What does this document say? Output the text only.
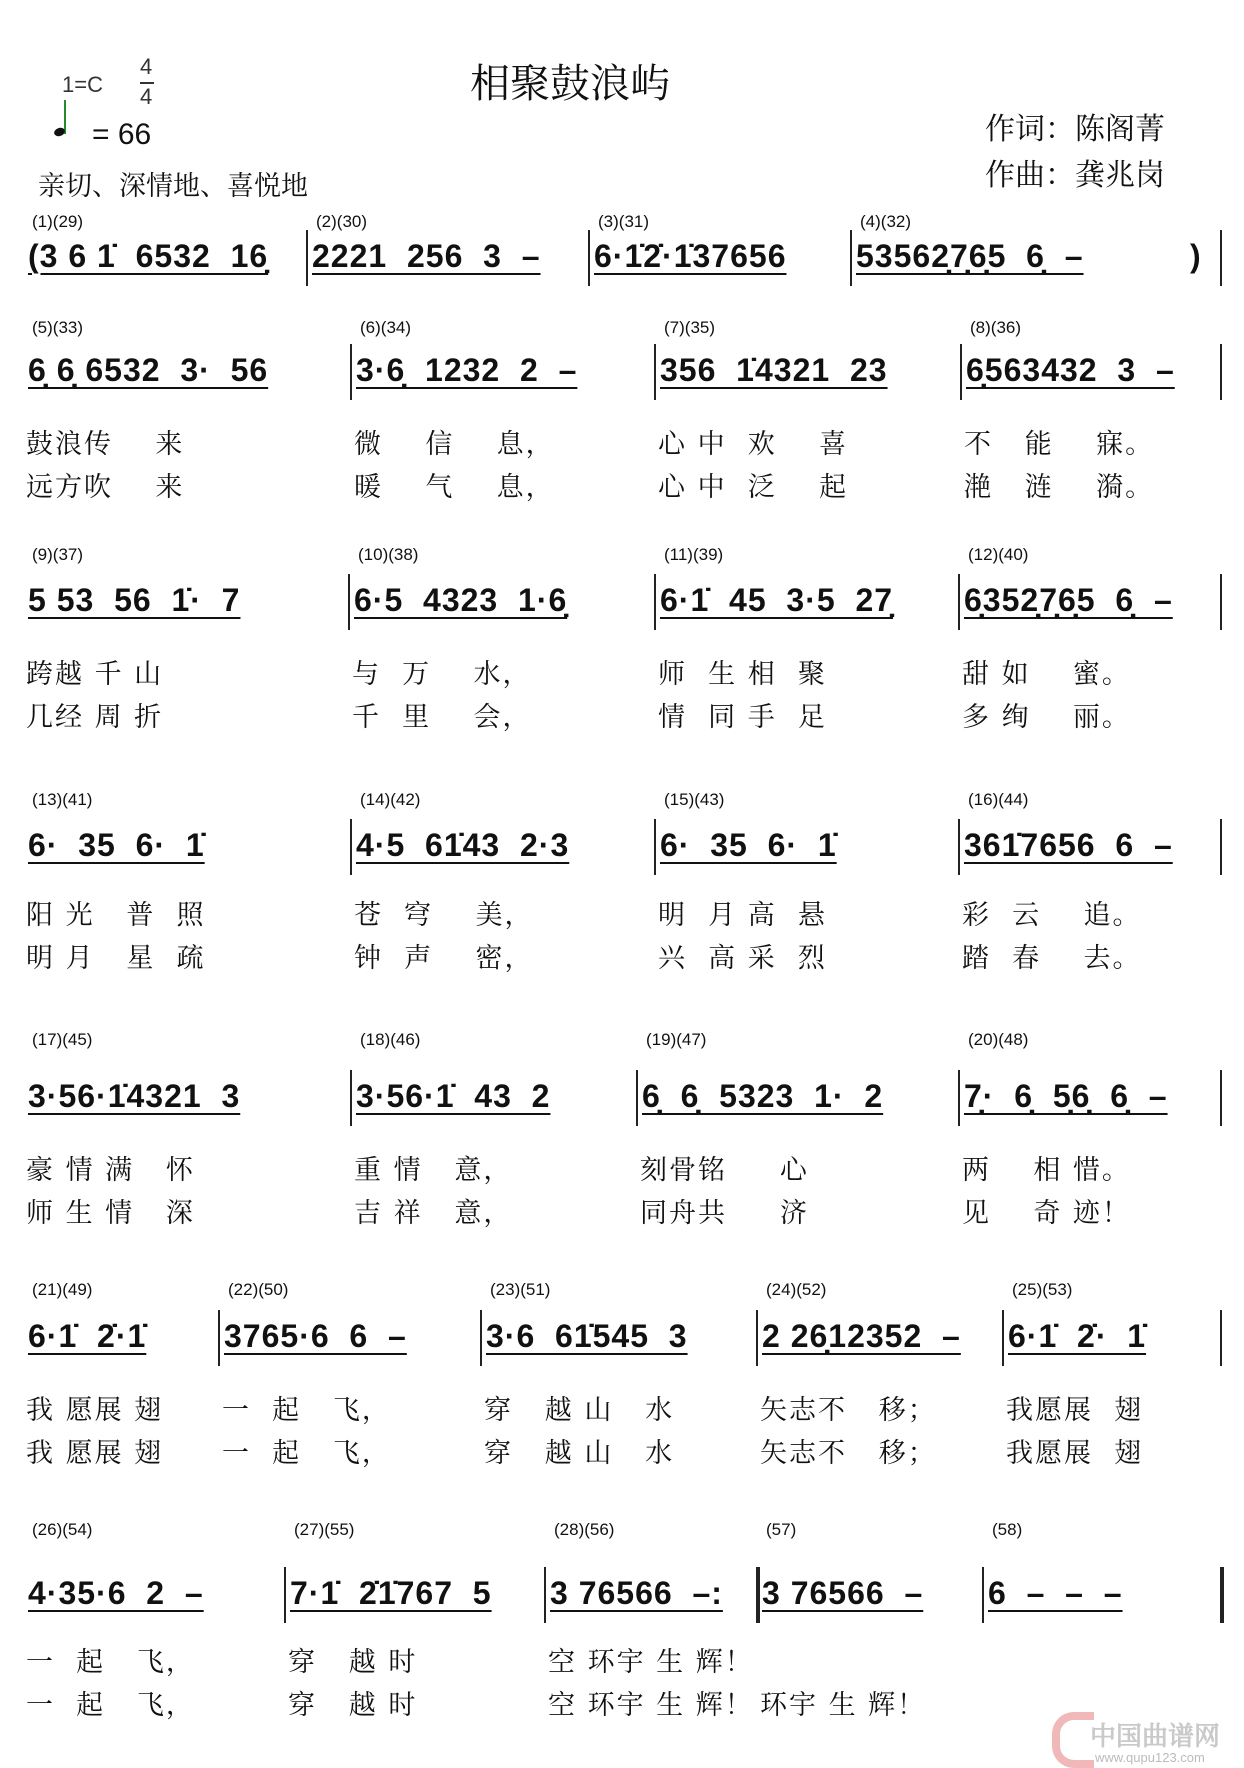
相聚鼓浪屿
1=C
4
4
= 66
亲切、深情地、喜悦地
作词：陈阁菁
作曲：龚兆岗
(1)(29)
(3 6 1̇  6532  16̣
(2)(30)
2221  256  3  –
(3)(31)
6·1̇2̇·1̇37656
(4)(32)
53562̣7̣6̣5  6̣  –	)
(5)(33)
6̣ 6̣ 6532  3·  56
鼓浪传    来
远方吹    来
(6)(34)
3·6̣  1232  2  –
微    信    息，
暖    气    息，
(7)(35)
356  1̇4321  23
心 中  欢    喜
心 中  泛    起
(8)(36)
6̣563432  3  –
不   能    寐。
滟   涟    漪。
(9)(37)
5 53  56  1̇·  7
跨越 千 山
几经 周 折
(10)(38)
6·5  4323  1·6̣
与  万    水，
千  里    会，
(11)(39)
6·1̇  45  3·5  27̣
师  生 相  聚
情  同 手  足
(12)(40)
6̣352̣7̣6̣5  6̣  –
甜 如    蜜。
多 绚    丽。
(13)(41)
6·  35  6·  1̇
阳 光   普  照
明 月   星  疏
(14)(42)
4·5  61̇43  2·3
苍  穹    美，
钟  声    密，
(15)(43)
6·  35  6·  1̇
明  月 高  悬
兴  高 采  烈
(16)(44)
361̇7656  6  –
彩  云    追。
踏  春    去。
(17)(45)
3·56·1̇4321  3
豪 情 满   怀
师 生 情   深
(18)(46)
3·56·1̇  43  2
重 情   意，
吉 祥   意，
(19)(47)
6̣  6̣  5323  1·  2
刻骨铭     心
同舟共     济
(20)(48)
7̣·  6̣  5̣6̣  6̣  –
两    相 惜。
见    奇 迹！
(21)(49)
6·1̇  2̇·1̇
我 愿展 翅
我 愿展 翅
(22)(50)
3765·6  6  –
一  起   飞，
一  起   飞，
(23)(51)
3·6  61̇545  3
穿   越 山   水
穿   越 山   水
(24)(52)
2 26̣12352  –
矢志不   移；
矢志不   移；
(25)(53)
6·1̇  2̇·  1̇
我愿展  翅
我愿展  翅
(26)(54)
4·35·6  2  –
一  起   飞，
一  起   飞，
(27)(55)
7·1̇  2̇1̇767  5
穿   越 时
穿   越 时
(28)(56)
3 76566  –:
空 环宇 生 辉！
空 环宇 生 辉！
(57)
3 76566  –
环宇 生 辉！
(58)
6  –  –  –
中国曲谱网
www.qupu123.com
